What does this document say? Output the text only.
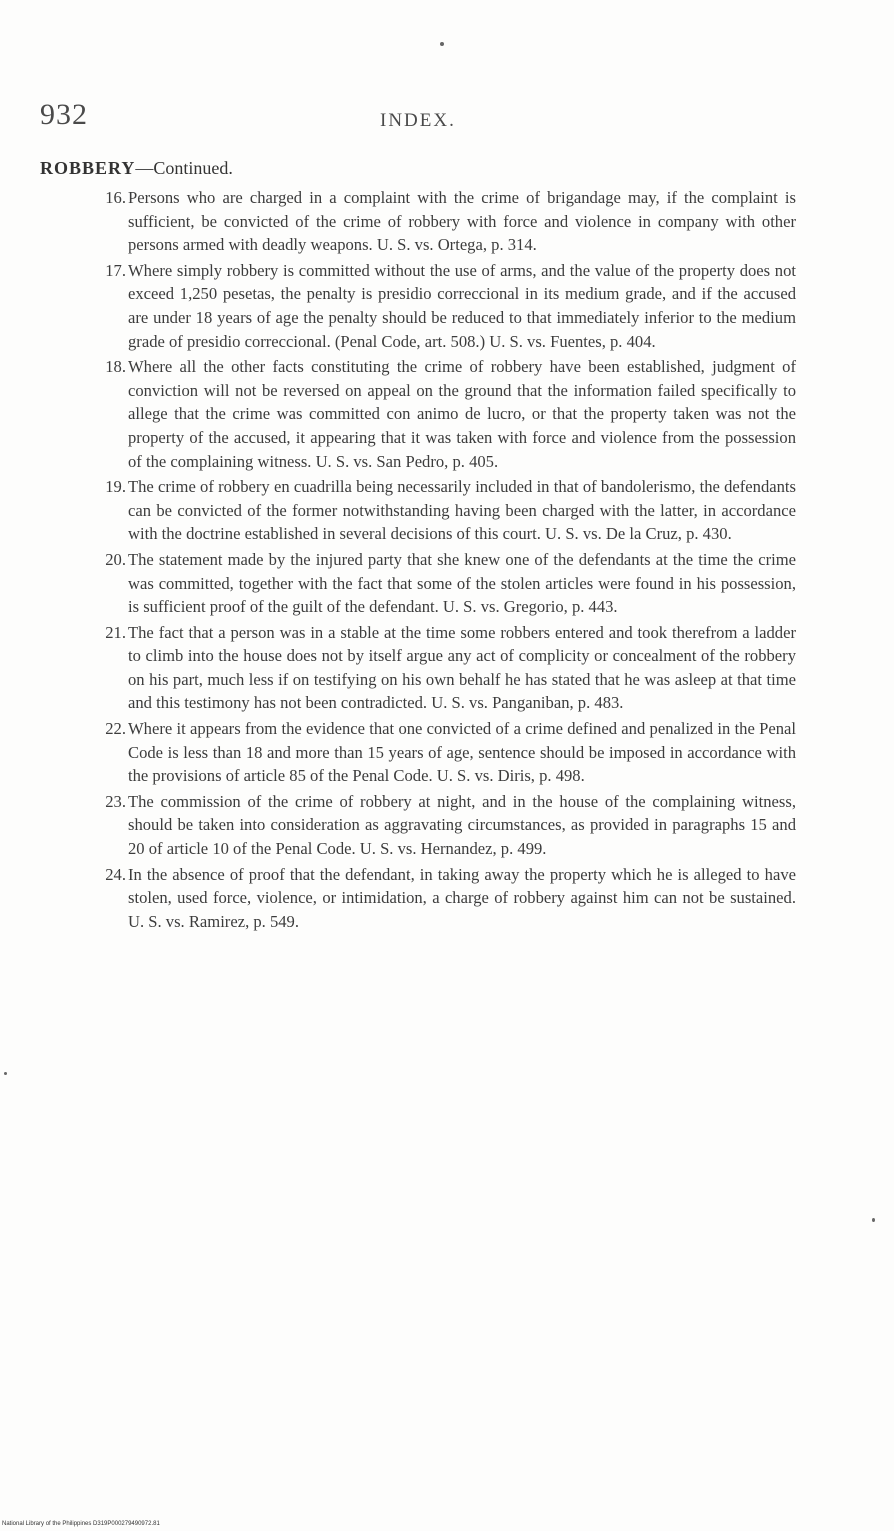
932	INDEX.
ROBBERY—Continued.
16 . Persons who are charged in a complaint with the crime of brigandage may, if the complaint is sufficient, be convicted of the crime of robbery with force and violence in company with other persons armed with deadly weapons. U. S. vs. Ortega, p. 314.
17 . Where simply robbery is committed without the use of arms, and the value of the property does not exceed 1,250 pesetas, the penalty is presidio correccional in its medium grade, and if the accused are under 18 years of age the penalty should be reduced to that immediately inferior to the medium grade of presidio correccional. (Penal Code, art. 508.) U. S. vs. Fuentes, p. 404.
18 . Where all the other facts constituting the crime of robbery have been established, judgment of conviction will not be reversed on appeal on the ground that the information failed specifically to allege that the crime was committed con animo de lucro, or that the property taken was not the property of the accused, it appearing that it was taken with force and violence from the possession of the complaining witness. U. S. vs. San Pedro, p. 405.
19 . The crime of robbery en cuadrilla being necessarily included in that of bandolerismo, the defendants can be convicted of the former notwithstanding having been charged with the latter, in accordance with the doctrine established in several decisions of this court. U. S. vs. De la Cruz, p. 430.
20 . The statement made by the injured party that she knew one of the defendants at the time the crime was committed, together with the fact that some of the stolen articles were found in his possession, is sufficient proof of the guilt of the defendant. U. S. vs. Gregorio, p. 443.
21 . The fact that a person was in a stable at the time some robbers entered and took therefrom a ladder to climb into the house does not by itself argue any act of complicity or concealment of the robbery on his part, much less if on testifying on his own behalf he has stated that he was asleep at that time and this testimony has not been contradicted. U. S. vs. Panganiban, p. 483.
22 . Where it appears from the evidence that one convicted of a crime defined and penalized in the Penal Code is less than 18 and more than 15 years of age, sentence should be imposed in accordance with the provisions of article 85 of the Penal Code. U. S. vs. Diris, p. 498.
23 . The commission of the crime of robbery at night, and in the house of the complaining witness, should be taken into consideration as aggravating circumstances, as provided in paragraphs 15 and 20 of article 10 of the Penal Code. U. S. vs. Hernandez, p. 499.
24 . In the absence of proof that the defendant, in taking away the property which he is alleged to have stolen, used force, violence, or intimidation, a charge of robbery against him can not be sustained. U. S. vs. Ramirez, p. 549.
National Library of the Philippines D319P000279490972.81
